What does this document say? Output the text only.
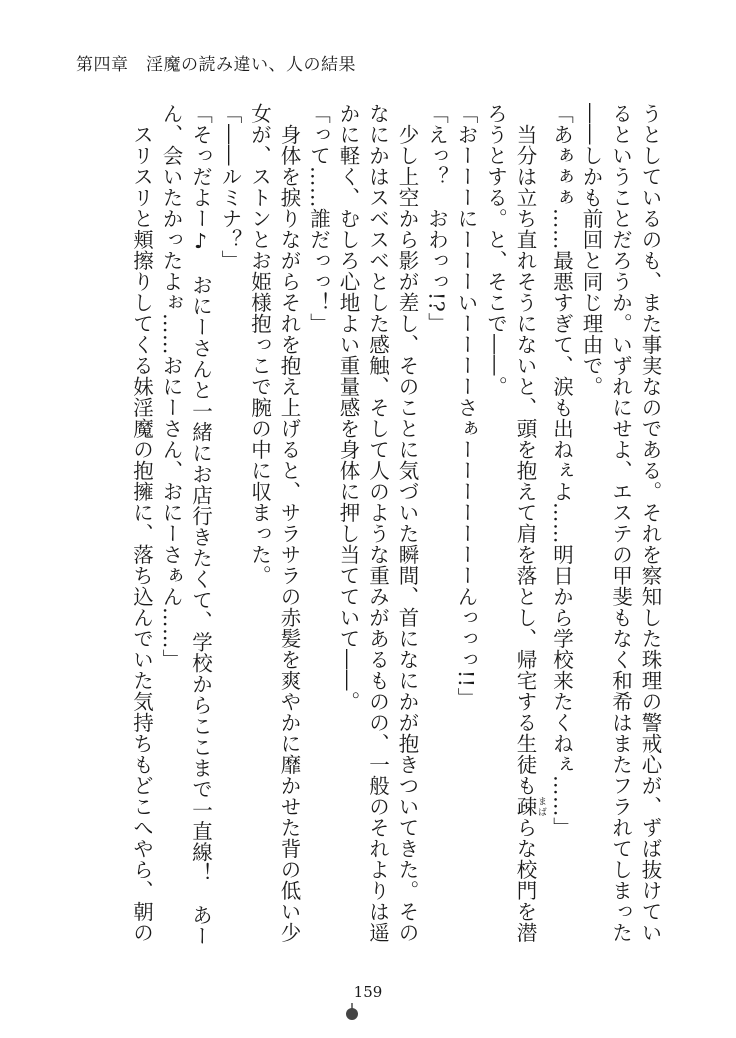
第四章　淫魔の読み違い、人の結果

うとしているのも、また事実なのである。それを察知した珠理の警戒心が、ずば抜けてい

るということだろうか。いずれにせよ、エステの甲斐もなく和希はまたフラれてしまった

――しかも前回と同じ理由で。

「あぁぁぁ……最悪すぎて、涙も出ねぇよ……明日から学校来たくねぇ……」

　当分は立ち直れそうにないと、頭を抱えて肩を落とし、帰宅する生徒も疎 まばらな校門を潜

ろうとする。と、そこで――。

「おーーーにーーーいーーーーさぁーーーーーーーんっっっ!!」

「えっ？　おわっっ!?」

　少し上空から影が差し、そのことに気づいた瞬間、首になにかが抱きついてきた。その

なにかはスベスベとした感触、そして人のような重みがあるものの、一般のそれよりは遥

かに軽く、むしろ心地よい重量感を身体に押し当てていて――。

「って……誰だっっ！」

　身体を捩りながらそれを抱え上げると、サラサラの赤髪を爽やかに靡かせた背の低い少

女が、ストンとお姫様抱っこで腕の中に収まった。

「――ルミナ？」

「そっだよー♪　おにーさんと一緒にお店行きたくて、学校からここまで一直線！　あー

ん、会いたかったよぉ……おにーさん、おにーさぁん……」

　スリスリと頬擦りしてくる妹淫魔の抱擁に、落ち込んでいた気持ちもどこへやら、朝の

159
